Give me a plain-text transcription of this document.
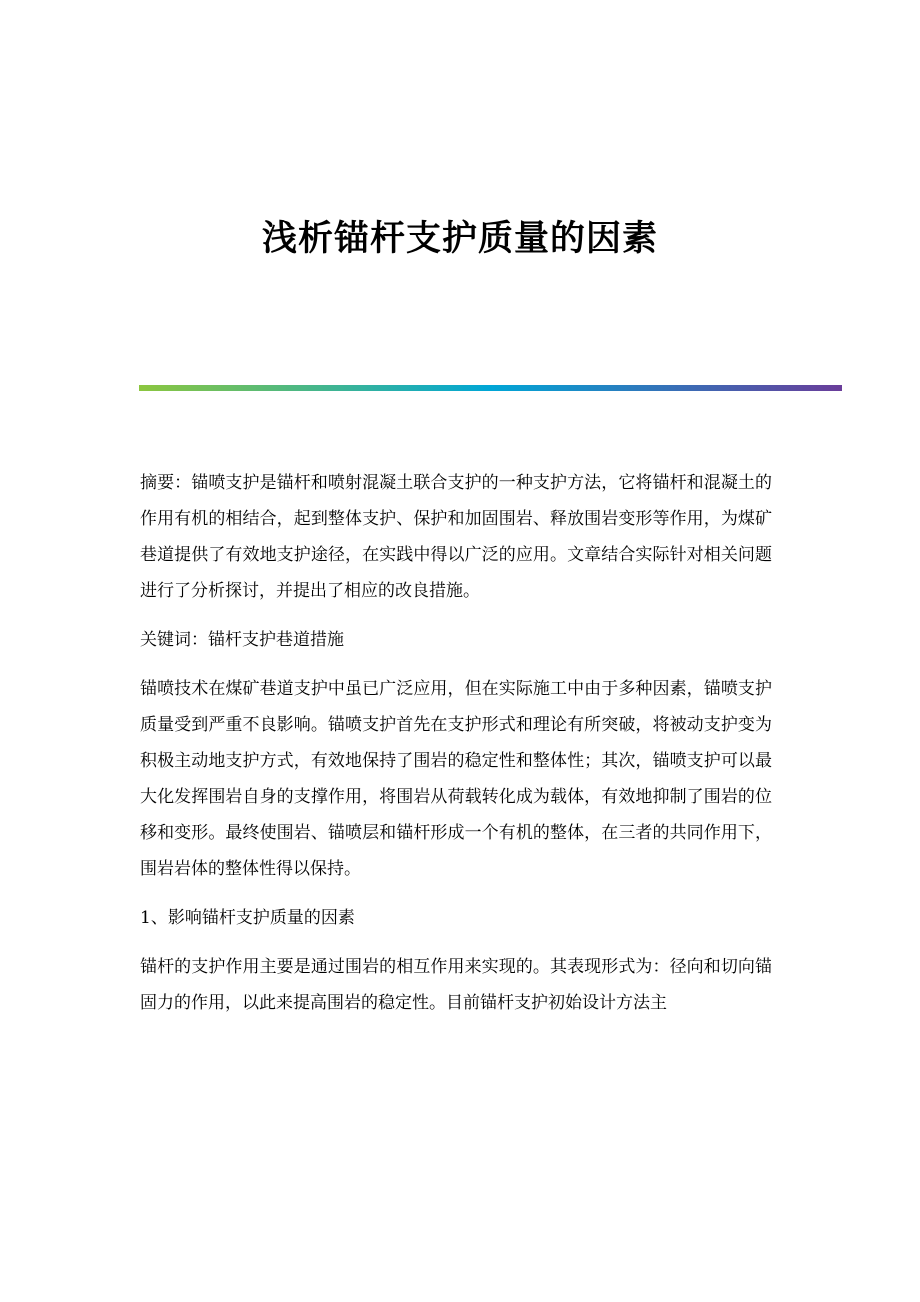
浅析锚杆支护质量的因素

摘要：锚喷支护是锚杆和喷射混凝土联合支护的一种支护方法，它将锚杆和混凝土的作用有机的相结合，起到整体支护、保护和加固围岩、释放围岩变形等作用，为煤矿巷道提供了有效地支护途径，在实践中得以广泛的应用。文章结合实际针对相关问题进行了分析探讨，并提出了相应的改良措施。

关键词：锚杆支护巷道措施

锚喷技术在煤矿巷道支护中虽已广泛应用，但在实际施工中由于多种因素，锚喷支护质量受到严重不良影响。锚喷支护首先在支护形式和理论有所突破，将被动支护变为积极主动地支护方式，有效地保持了围岩的稳定性和整体性；其次，锚喷支护可以最大化发挥围岩自身的支撑作用，将围岩从荷载转化成为载体，有效地抑制了围岩的位移和变形。最终使围岩、锚喷层和锚杆形成一个有机的整体，在三者的共同作用下，围岩岩体的整体性得以保持。

1、影响锚杆支护质量的因素

锚杆的支护作用主要是通过围岩的相互作用来实现的。其表现形式为：径向和切向锚固力的作用，以此来提高围岩的稳定性。目前锚杆支护初始设计方法主
